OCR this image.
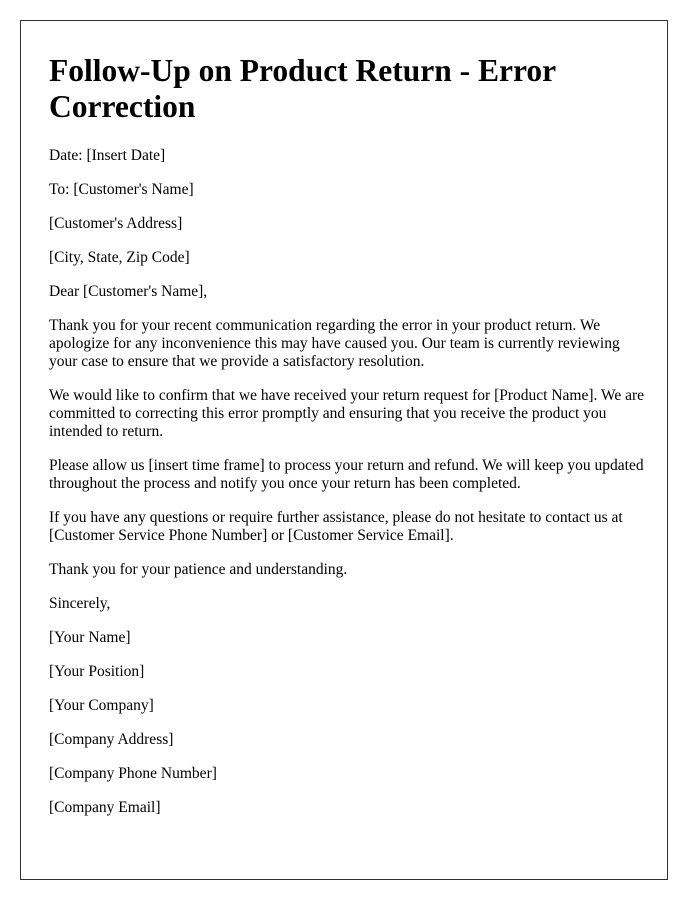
Follow-Up on Product Return - Error Correction
Date: [Insert Date]
To: [Customer's Name]
[Customer's Address]
[City, State, Zip Code]
Dear [Customer's Name],

Thank you for your recent communication regarding the error in your product return. We apologize for any inconvenience this may have caused you. Our team is currently reviewing your case to ensure that we provide a satisfactory resolution.

We would like to confirm that we have received your return request for [Product Name]. We are committed to correcting this error promptly and ensuring that you receive the product you intended to return.

Please allow us [insert time frame] to process your return and refund. We will keep you updated throughout the process and notify you once your return has been completed.

If you have any questions or require further assistance, please do not hesitate to contact us at [Customer Service Phone Number] or [Customer Service Email].

Thank you for your patience and understanding.

Sincerely,
[Your Name]
[Your Position]
[Your Company]
[Company Address]
[Company Phone Number]
[Company Email]
